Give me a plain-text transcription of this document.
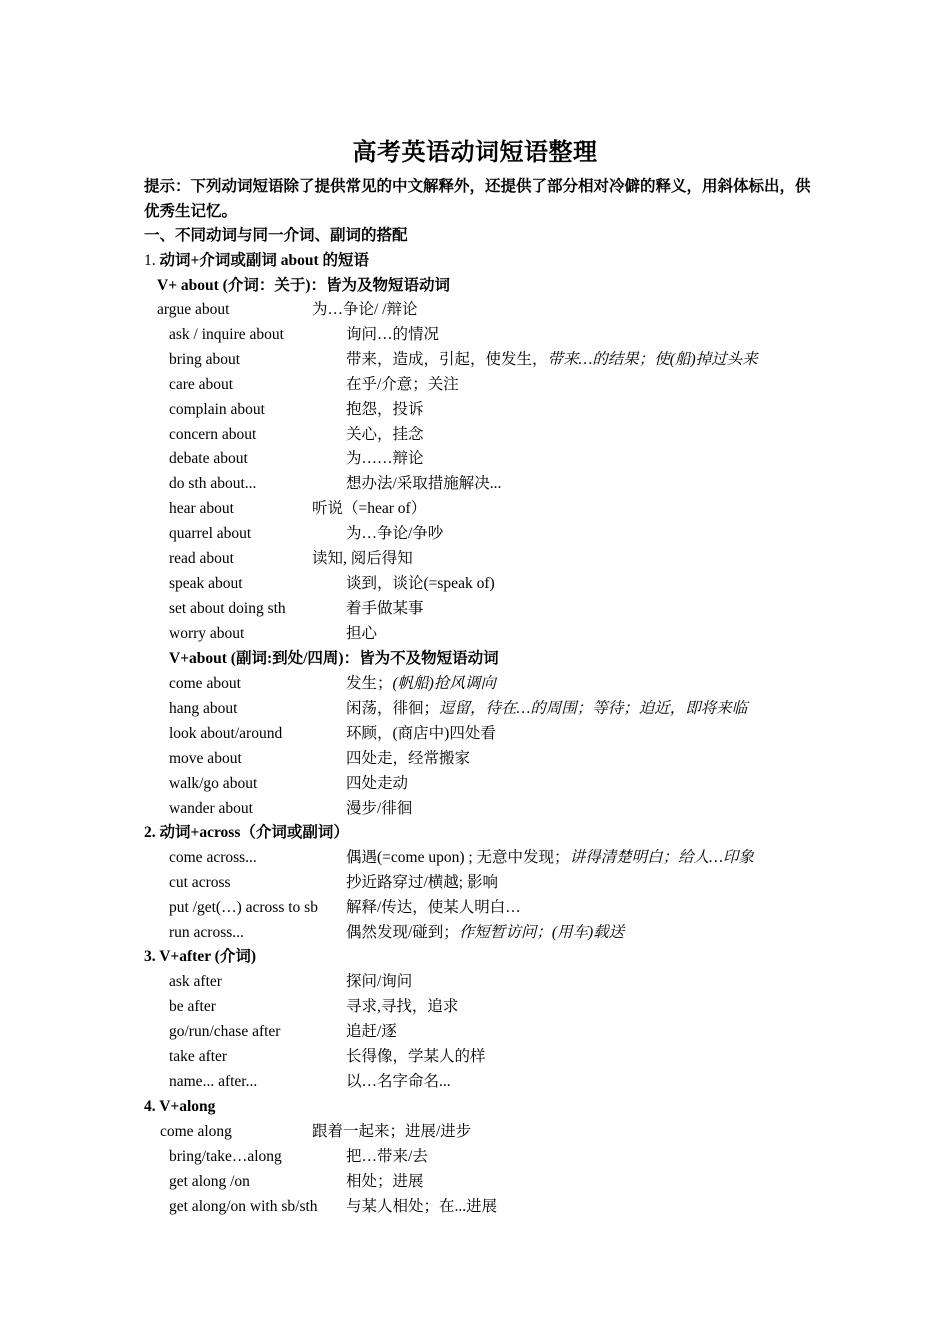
高考英语动词短语整理
提示：下列动词短语除了提供常见的中文解释外，还提供了部分相对冷僻的释义，用斜体标出，供优秀生记忆。
一、不同动词与同一介词、副词的搭配
1. 动词+介词或副词 about 的短语
V+ about (介词：关于)：皆为及物短语动词
argue about	为…争论/ /辩论
ask / inquire about	询问…的情况
bring about	带来，造成，引起，使发生，带来…的结果；使(船)掉过头来
care about	在乎/介意；关注
complain about	抱怨，投诉
concern about	关心，挂念
debate about	为……辩论
do sth about...	想办法/采取措施解决...
hear about	听说（=hear of）
quarrel about	为…争论/争吵
read about	读知, 阅后得知
speak about	谈到，谈论(=speak of)
set about doing sth	着手做某事
worry about	担心
V+about (副词:到处/四周)：皆为不及物短语动词
come about	发生；(帆船)抢风调向
hang about	闲荡，徘徊；逗留，待在…的周围；等待；迫近，即将来临
look about/around	环顾，(商店中)四处看
move about	四处走，经常搬家
walk/go about	四处走动
wander about	漫步/徘徊
2. 动词+across（介词或副词）
come across...	偶遇(=come upon) ; 无意中发现；讲得清楚明白；给人…印象
cut across	抄近路穿过/横越; 影响
put /get(…) across to sb 解释/传达，使某人明白…
run across...	偶然发现/碰到；作短暂访问；(用车)载送
3. V+after (介词)
ask after	探问/询问
be after	寻求,寻找，追求
go/run/chase after	追赶/逐
take after	长得像，学某人的样
name... after...	以…名字命名...
4. V+along
come along	跟着一起来；进展/进步
bring/take…along	把…带来/去
get along /on	相处；进展
get along/on with sb/sth 与某人相处；在...进展
